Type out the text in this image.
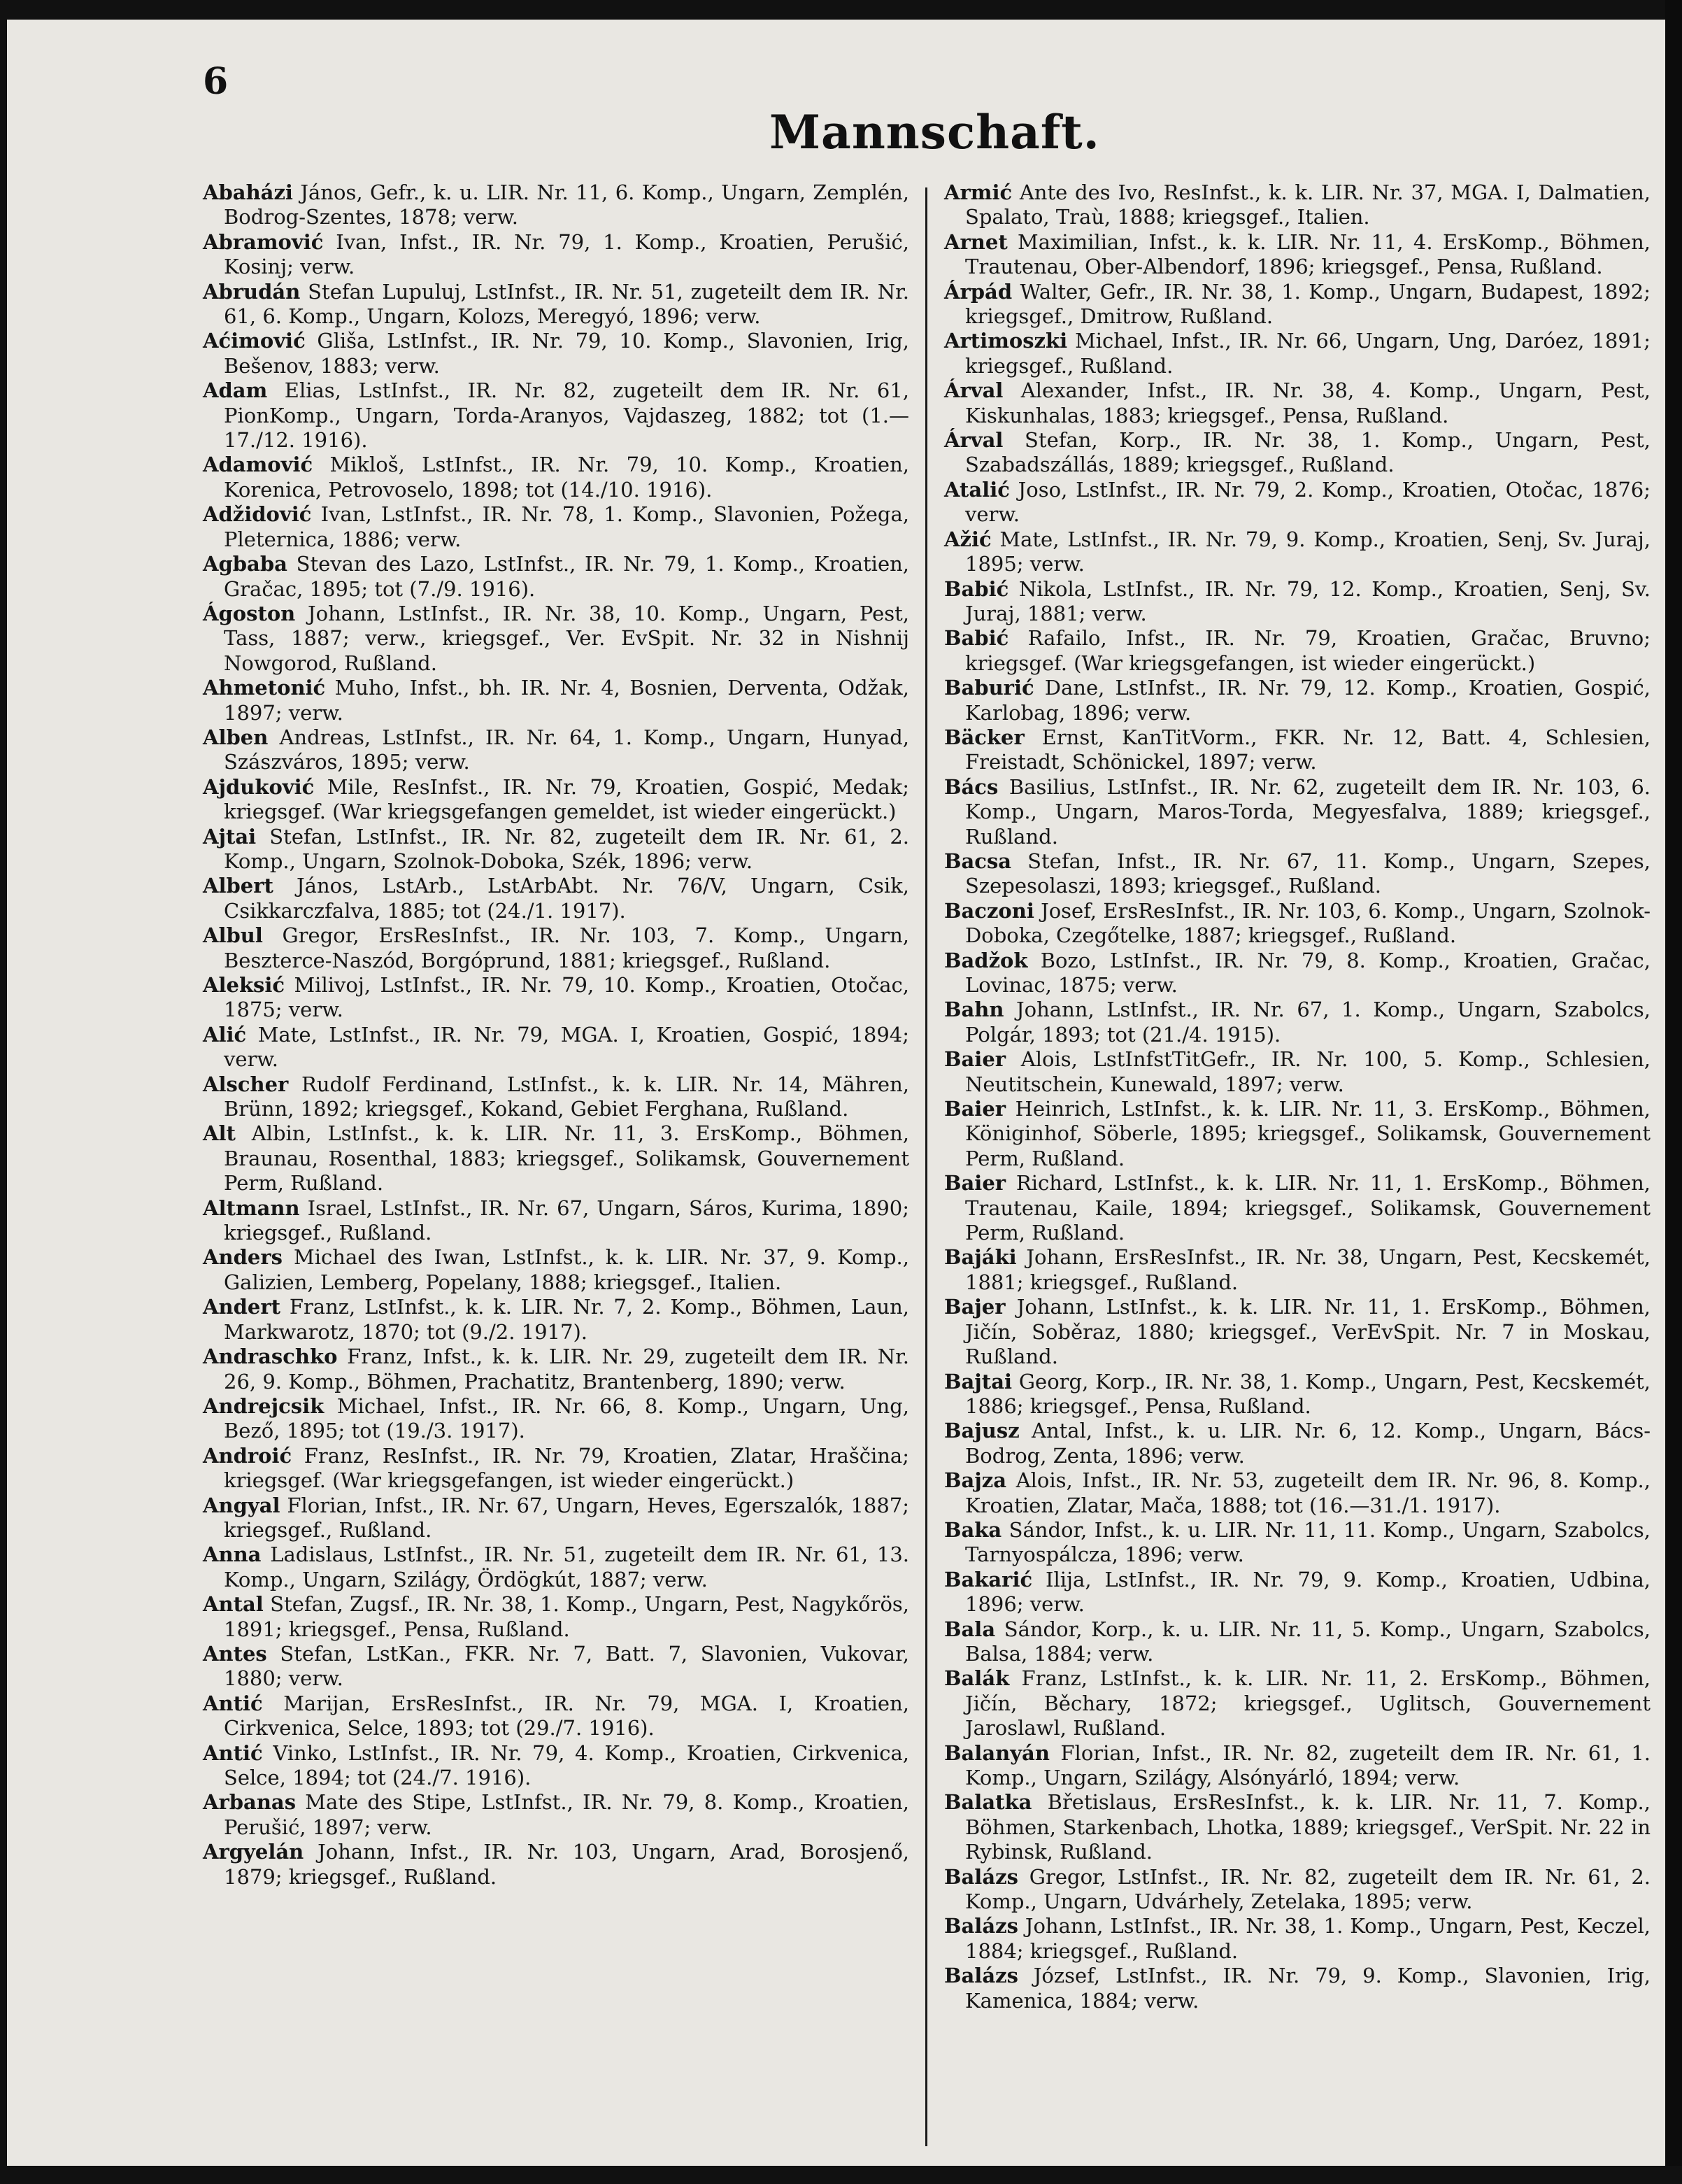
6
Mannschaft.

Abaházi János, Gefr., k. u. LIR. Nr. 11, 6. Komp., Ungarn, Zemplén, Bodrog-Szentes, 1878; verw.

Abramović Ivan, Infst., IR. Nr. 79, 1. Komp., Kroatien, Perušić, Kosinj; verw.

Abrudán Stefan Lupuluj, LstInfst., IR. Nr. 51, zugeteilt dem IR. Nr. 61, 6. Komp., Ungarn, Kolozs, Meregyó, 1896; verw.

Aćimović Gliša, LstInfst., IR. Nr. 79, 10. Komp., Slavonien, Irig, Bešenov, 1883; verw.

Adam Elias, LstInfst., IR. Nr. 82, zugeteilt dem IR. Nr. 61, PionKomp., Ungarn, Torda-Aranyos, Vajdaszeg, 1882; tot (1.—17./12. 1916).

Adamović Mikloš, LstInfst., IR. Nr. 79, 10. Komp., Kroatien, Korenica, Petrovoselo, 1898; tot (14./10. 1916).

Adžidović Ivan, LstInfst., IR. Nr. 78, 1. Komp., Slavonien, Požega, Pleternica, 1886; verw.

Agbaba Stevan des Lazo, LstInfst., IR. Nr. 79, 1. Komp., Kroatien, Gračac, 1895; tot (7./9. 1916).

Ágoston Johann, LstInfst., IR. Nr. 38, 10. Komp., Ungarn, Pest, Tass, 1887; verw., kriegsgef., Ver. EvSpit. Nr. 32 in Nishnij Nowgorod, Rußland.

Ahmetonić Muho, Infst., bh. IR. Nr. 4, Bosnien, Derventa, Odžak, 1897; verw.

Alben Andreas, LstInfst., IR. Nr. 64, 1. Komp., Ungarn, Hunyad, Szászváros, 1895; verw.

Ajduković Mile, ResInfst., IR. Nr. 79, Kroatien, Gospić, Medak; kriegsgef. (War kriegsgefangen gemeldet, ist wieder eingerückt.)

Ajtai Stefan, LstInfst., IR. Nr. 82, zugeteilt dem IR. Nr. 61, 2. Komp., Ungarn, Szolnok-Doboka, Szék, 1896; verw.

Albert János, LstArb., LstArbAbt. Nr. 76/V, Ungarn, Csik, Csikkarczfalva, 1885; tot (24./1. 1917).

Albul Gregor, ErsResInfst., IR. Nr. 103, 7. Komp., Ungarn, Beszterce-Naszód, Borgóprund, 1881; kriegsgef., Rußland.

Aleksić Milivoj, LstInfst., IR. Nr. 79, 10. Komp., Kroatien, Otočac, 1875; verw.

Alić Mate, LstInfst., IR. Nr. 79, MGA. I, Kroatien, Gospić, 1894; verw.

Alscher Rudolf Ferdinand, LstInfst., k. k. LIR. Nr. 14, Mähren, Brünn, 1892; kriegsgef., Kokand, Gebiet Ferghana, Rußland.

Alt Albin, LstInfst., k. k. LIR. Nr. 11, 3. ErsKomp., Böhmen, Braunau, Rosenthal, 1883; kriegsgef., Solikamsk, Gouvernement Perm, Rußland.

Altmann Israel, LstInfst., IR. Nr. 67, Ungarn, Sáros, Kurima, 1890; kriegsgef., Rußland.

Anders Michael des Iwan, LstInfst., k. k. LIR. Nr. 37, 9. Komp., Galizien, Lemberg, Popelany, 1888; kriegsgef., Italien.

Andert Franz, LstInfst., k. k. LIR. Nr. 7, 2. Komp., Böhmen, Laun, Markwarotz, 1870; tot (9./2. 1917).

Andraschko Franz, Infst., k. k. LIR. Nr. 29, zugeteilt dem IR. Nr. 26, 9. Komp., Böhmen, Prachatitz, Brantenberg, 1890; verw.

Andrejcsik Michael, Infst., IR. Nr. 66, 8. Komp., Ungarn, Ung, Bező, 1895; tot (19./3. 1917).

Androić Franz, ResInfst., IR. Nr. 79, Kroatien, Zlatar, Hraščina; kriegsgef. (War kriegsgefangen, ist wieder eingerückt.)

Angyal Florian, Infst., IR. Nr. 67, Ungarn, Heves, Egerszalók, 1887; kriegsgef., Rußland.

Anna Ladislaus, LstInfst., IR. Nr. 51, zugeteilt dem IR. Nr. 61, 13. Komp., Ungarn, Szilágy, Ördögkút, 1887; verw.

Antal Stefan, Zugsf., IR. Nr. 38, 1. Komp., Ungarn, Pest, Nagykőrös, 1891; kriegsgef., Pensa, Rußland.

Antes Stefan, LstKan., FKR. Nr. 7, Batt. 7, Slavonien, Vukovar, 1880; verw.

Antić Marijan, ErsResInfst., IR. Nr. 79, MGA. I, Kroatien, Cirkvenica, Selce, 1893; tot (29./7. 1916).

Antić Vinko, LstInfst., IR. Nr. 79, 4. Komp., Kroatien, Cirkvenica, Selce, 1894; tot (24./7. 1916).

Arbanas Mate des Stipe, LstInfst., IR. Nr. 79, 8. Komp., Kroatien, Perušić, 1897; verw.

Argyelán Johann, Infst., IR. Nr. 103, Ungarn, Arad, Borosjenő, 1879; kriegsgef., Rußland.

Armić Ante des Ivo, ResInfst., k. k. LIR. Nr. 37, MGA. I, Dalmatien, Spalato, Traù, 1888; kriegsgef., Italien.

Arnet Maximilian, Infst., k. k. LIR. Nr. 11, 4. ErsKomp., Böhmen, Trautenau, Ober-Albendorf, 1896; kriegsgef., Pensa, Rußland.

Árpád Walter, Gefr., IR. Nr. 38, 1. Komp., Ungarn, Budapest, 1892; kriegsgef., Dmitrow, Rußland.

Artimoszki Michael, Infst., IR. Nr. 66, Ungarn, Ung, Daróez, 1891; kriegsgef., Rußland.

Árval Alexander, Infst., IR. Nr. 38, 4. Komp., Ungarn, Pest, Kiskunhalas, 1883; kriegsgef., Pensa, Rußland.

Árval Stefan, Korp., IR. Nr. 38, 1. Komp., Ungarn, Pest, Szabadszállás, 1889; kriegsgef., Rußland.

Atalić Joso, LstInfst., IR. Nr. 79, 2. Komp., Kroatien, Otočac, 1876; verw.

Ažić Mate, LstInfst., IR. Nr. 79, 9. Komp., Kroatien, Senj, Sv. Juraj, 1895; verw.

Babić Nikola, LstInfst., IR. Nr. 79, 12. Komp., Kroatien, Senj, Sv. Juraj, 1881; verw.

Babić Rafailo, Infst., IR. Nr. 79, Kroatien, Gračac, Bruvno; kriegsgef. (War kriegsgefangen, ist wieder eingerückt.)

Baburić Dane, LstInfst., IR. Nr. 79, 12. Komp., Kroatien, Gospić, Karlobag, 1896; verw.

Bäcker Ernst, KanTitVorm., FKR. Nr. 12, Batt. 4, Schlesien, Freistadt, Schönickel, 1897; verw.

Bács Basilius, LstInfst., IR. Nr. 62, zugeteilt dem IR. Nr. 103, 6. Komp., Ungarn, Maros-Torda, Megyesfalva, 1889; kriegsgef., Rußland.

Bacsa Stefan, Infst., IR. Nr. 67, 11. Komp., Ungarn, Szepes, Szepesolaszi, 1893; kriegsgef., Rußland.

Baczoni Josef, ErsResInfst., IR. Nr. 103, 6. Komp., Ungarn, Szolnok-Doboka, Czegőtelke, 1887; kriegsgef., Rußland.

Badžok Bozo, LstInfst., IR. Nr. 79, 8. Komp., Kroatien, Gračac, Lovinac, 1875; verw.

Bahn Johann, LstInfst., IR. Nr. 67, 1. Komp., Ungarn, Szabolcs, Polgár, 1893; tot (21./4. 1915).

Baier Alois, LstInfstTitGefr., IR. Nr. 100, 5. Komp., Schlesien, Neutitschein, Kunewald, 1897; verw.

Baier Heinrich, LstInfst., k. k. LIR. Nr. 11, 3. ErsKomp., Böhmen, Königinhof, Söberle, 1895; kriegsgef., Solikamsk, Gouvernement Perm, Rußland.

Baier Richard, LstInfst., k. k. LIR. Nr. 11, 1. ErsKomp., Böhmen, Trautenau, Kaile, 1894; kriegsgef., Solikamsk, Gouvernement Perm, Rußland.

Bajáki Johann, ErsResInfst., IR. Nr. 38, Ungarn, Pest, Kecskemét, 1881; kriegsgef., Rußland.

Bajer Johann, LstInfst., k. k. LIR. Nr. 11, 1. ErsKomp., Böhmen, Jičín, Soběraz, 1880; kriegsgef., VerEvSpit. Nr. 7 in Moskau, Rußland.

Bajtai Georg, Korp., IR. Nr. 38, 1. Komp., Ungarn, Pest, Kecskemét, 1886; kriegsgef., Pensa, Rußland.

Bajusz Antal, Infst., k. u. LIR. Nr. 6, 12. Komp., Ungarn, Bács-Bodrog, Zenta, 1896; verw.

Bajza Alois, Infst., IR. Nr. 53, zugeteilt dem IR. Nr. 96, 8. Komp., Kroatien, Zlatar, Mača, 1888; tot (16.—31./1. 1917).

Baka Sándor, Infst., k. u. LIR. Nr. 11, 11. Komp., Ungarn, Szabolcs, Tarnyospálcza, 1896; verw.

Bakarić Ilija, LstInfst., IR. Nr. 79, 9. Komp., Kroatien, Udbina, 1896; verw.

Bala Sándor, Korp., k. u. LIR. Nr. 11, 5. Komp., Ungarn, Szabolcs, Balsa, 1884; verw.

Balák Franz, LstInfst., k. k. LIR. Nr. 11, 2. ErsKomp., Böhmen, Jičín, Běchary, 1872; kriegsgef., Uglitsch, Gouvernement Jaroslawl, Rußland.

Balanyán Florian, Infst., IR. Nr. 82, zugeteilt dem IR. Nr. 61, 1. Komp., Ungarn, Szilágy, Alsónyárló, 1894; verw.

Balatka Břetislaus, ErsResInfst., k. k. LIR. Nr. 11, 7. Komp., Böhmen, Starkenbach, Lhotka, 1889; kriegsgef., VerSpit. Nr. 22 in Rybinsk, Rußland.

Balázs Gregor, LstInfst., IR. Nr. 82, zugeteilt dem IR. Nr. 61, 2. Komp., Ungarn, Udvárhely, Zetelaka, 1895; verw.

Balázs Johann, LstInfst., IR. Nr. 38, 1. Komp., Ungarn, Pest, Keczel, 1884; kriegsgef., Rußland.

Balázs József, LstInfst., IR. Nr. 79, 9. Komp., Slavonien, Irig, Kamenica, 1884; verw.
